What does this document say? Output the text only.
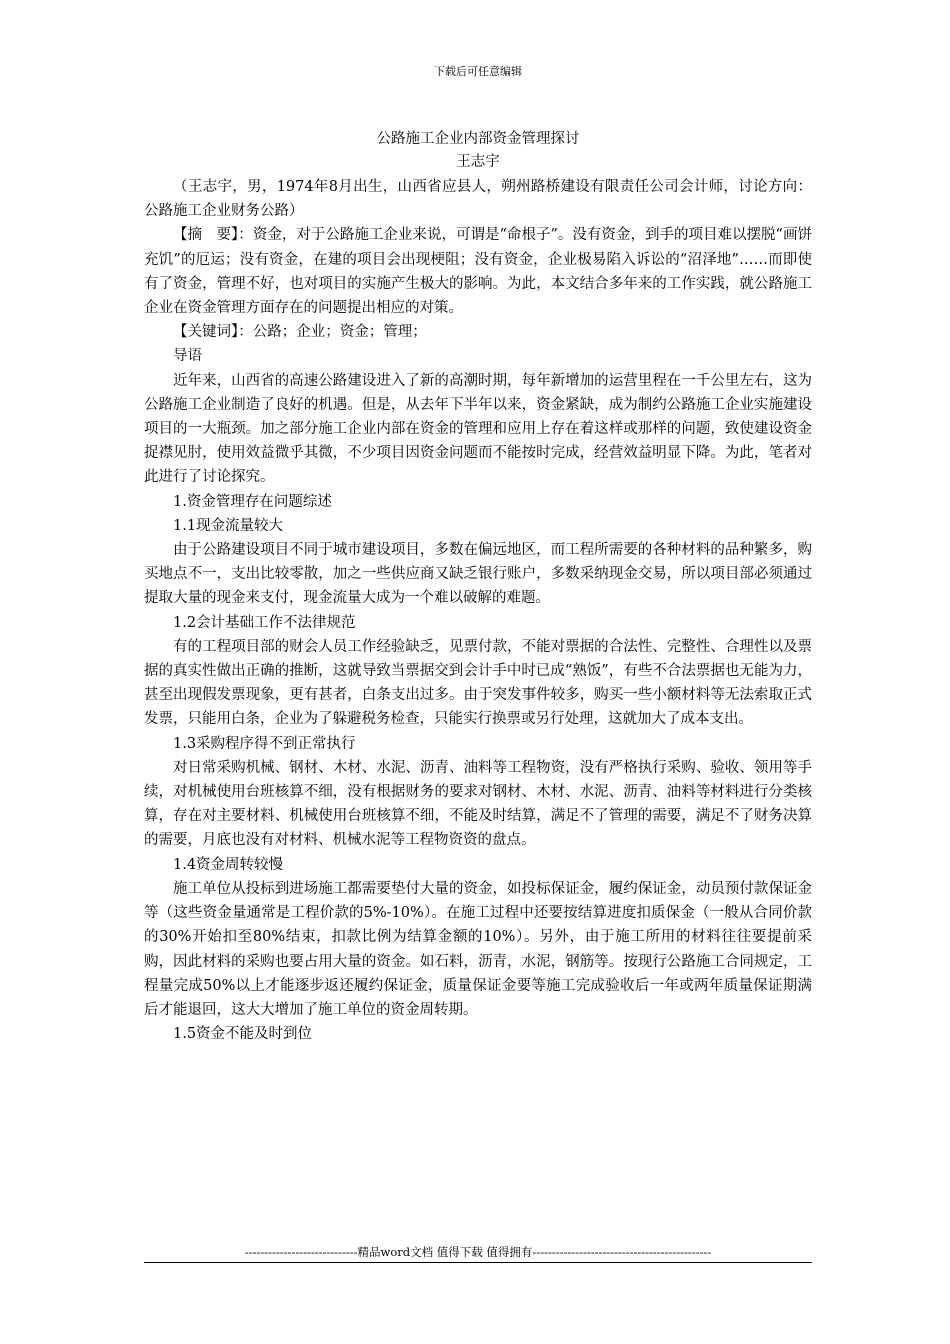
下载后可任意编辑
公路施工企业内部资金管理探讨
王志宇

（王志宇，男，1974年8月出生，山西省应县人，朔州路桥建设有限责任公司会计师，讨论方向：公路施工企业财务公路）

【摘　要】：资金，对于公路施工企业来说，可谓是“命根子”。没有资金，到手的项目难以摆脱“画饼充饥”的厄运；没有资金，在建的项目会出现梗阻；没有资金，企业极易陷入诉讼的“沼泽地”……而即使有了资金，管理不好，也对项目的实施产生极大的影响。为此，本文结合多年来的工作实践，就公路施工企业在资金管理方面存在的问题提出相应的对策。

【关键词】：公路；企业；资金；管理；

导语

近年来，山西省的高速公路建设进入了新的高潮时期，每年新增加的运营里程在一千公里左右，这为公路施工企业制造了良好的机遇。但是，从去年下半年以来，资金紧缺，成为制约公路施工企业实施建设项目的一大瓶颈。加之部分施工企业内部在资金的管理和应用上存在着这样或那样的问题，致使建设资金捉襟见肘，使用效益微乎其微，不少项目因资金问题而不能按时完成，经营效益明显下降。为此，笔者对此进行了讨论探究。

1.资金管理存在问题综述

1.1现金流量较大

由于公路建设项目不同于城市建设项目，多数在偏远地区，而工程所需要的各种材料的品种繁多，购买地点不一，支出比较零散，加之一些供应商又缺乏银行账户，多数采纳现金交易，所以项目部必须通过提取大量的现金来支付，现金流量大成为一个难以破解的难题。

1.2会计基础工作不法律规范

有的工程项目部的财会人员工作经验缺乏，见票付款，不能对票据的合法性、完整性、合理性以及票据的真实性做出正确的推断，这就导致当票据交到会计手中时已成“熟饭”，有些不合法票据也无能为力，甚至出现假发票现象，更有甚者，白条支出过多。由于突发事件较多，购买一些小额材料等无法索取正式发票，只能用白条，企业为了躲避税务检查，只能实行换票或另行处理，这就加大了成本支出。

1.3采购程序得不到正常执行

对日常采购机械、钢材、木材、水泥、沥青、油料等工程物资，没有严格执行采购、验收、领用等手续，对机械使用台班核算不细，没有根据财务的要求对钢材、木材、水泥、沥青、油料等材料进行分类核算，存在对主要材料、机械使用台班核算不细，不能及时结算，满足不了管理的需要，满足不了财务决算的需要，月底也没有对材料、机械水泥等工程物资资的盘点。

1.4资金周转较慢

施工单位从投标到进场施工都需要垫付大量的资金，如投标保证金，履约保证金，动员预付款保证金等（这些资金量通常是工程价款的5%-10%）。在施工过程中还要按结算进度扣质保金（一般从合同价款的30%开始扣至80%结束，扣款比例为结算金额的10%）。另外，由于施工所用的材料往往要提前采购，因此材料的采购也要占用大量的资金。如石料，沥青，水泥，钢筋等。按现行公路施工合同规定，工程量完成50%以上才能逐步返还履约保证金，质量保证金要等施工完成验收后一年或两年质量保证期满后才能退回，这大大增加了施工单位的资金周转期。

1.5资金不能及时到位

-----------------------------精品word文档 值得下载 值得拥有----------------------------------------------
